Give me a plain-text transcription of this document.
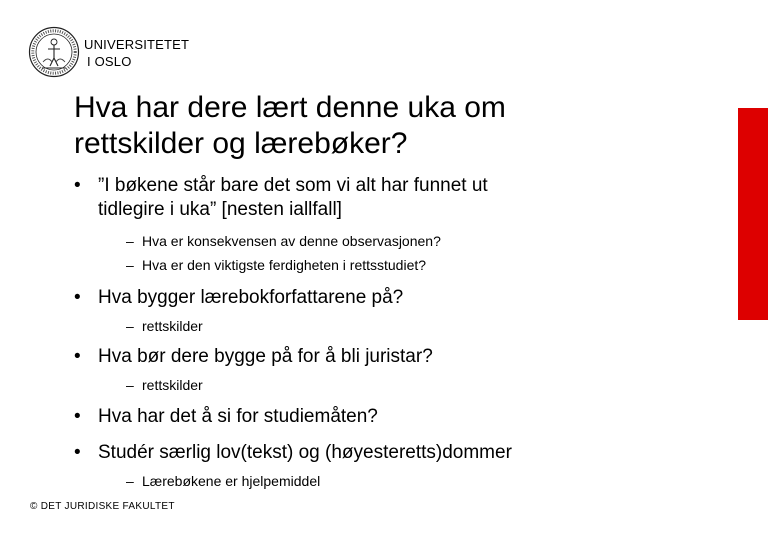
UNIVERSITETET
I OSLO
Hva har dere lært denne uka om
rettskilder og lærebøker?
• ”I bøkene står bare det som vi alt har funnet ut
tidlegire i uka” [nesten iallfall]
– Hva er konsekvensen av denne observasjonen?
– Hva er den viktigste ferdigheten i rettsstudiet?
• Hva bygger lærebokforfattarene på?
– rettskilder
• Hva bør dere bygge på for å bli juristar?
– rettskilder
• Hva har det å si for studiemåten?
• Studér særlig lov(tekst) og (høyesteretts)dommer
– Lærebøkene er hjelpemiddel
© DET JURIDISKE FAKULTET
